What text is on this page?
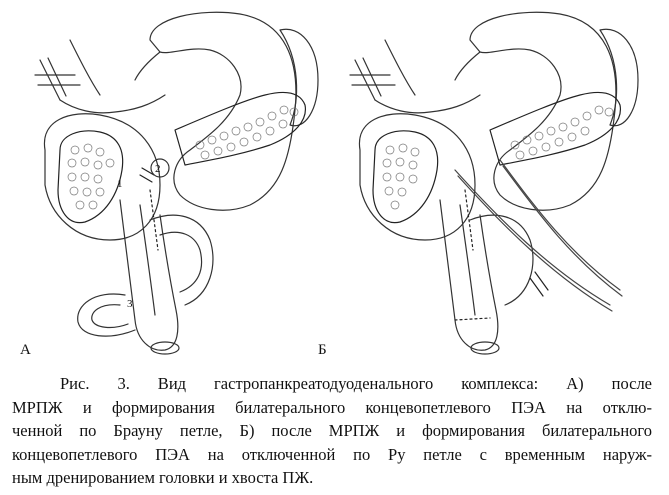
1
2
3
А	Б

Рис. 3. Вид гастропанкреатодуоденального комплекса: А) после
МРПЖ и формирования билатерального концевопетлевого ПЭА на отклю-
ченной по Брауну петле, Б) после МРПЖ и формирования билатерального
концевопетлевого ПЭА на отключенной по Ру петле с временным наруж-
ным дренированием головки и хвоста ПЖ.
